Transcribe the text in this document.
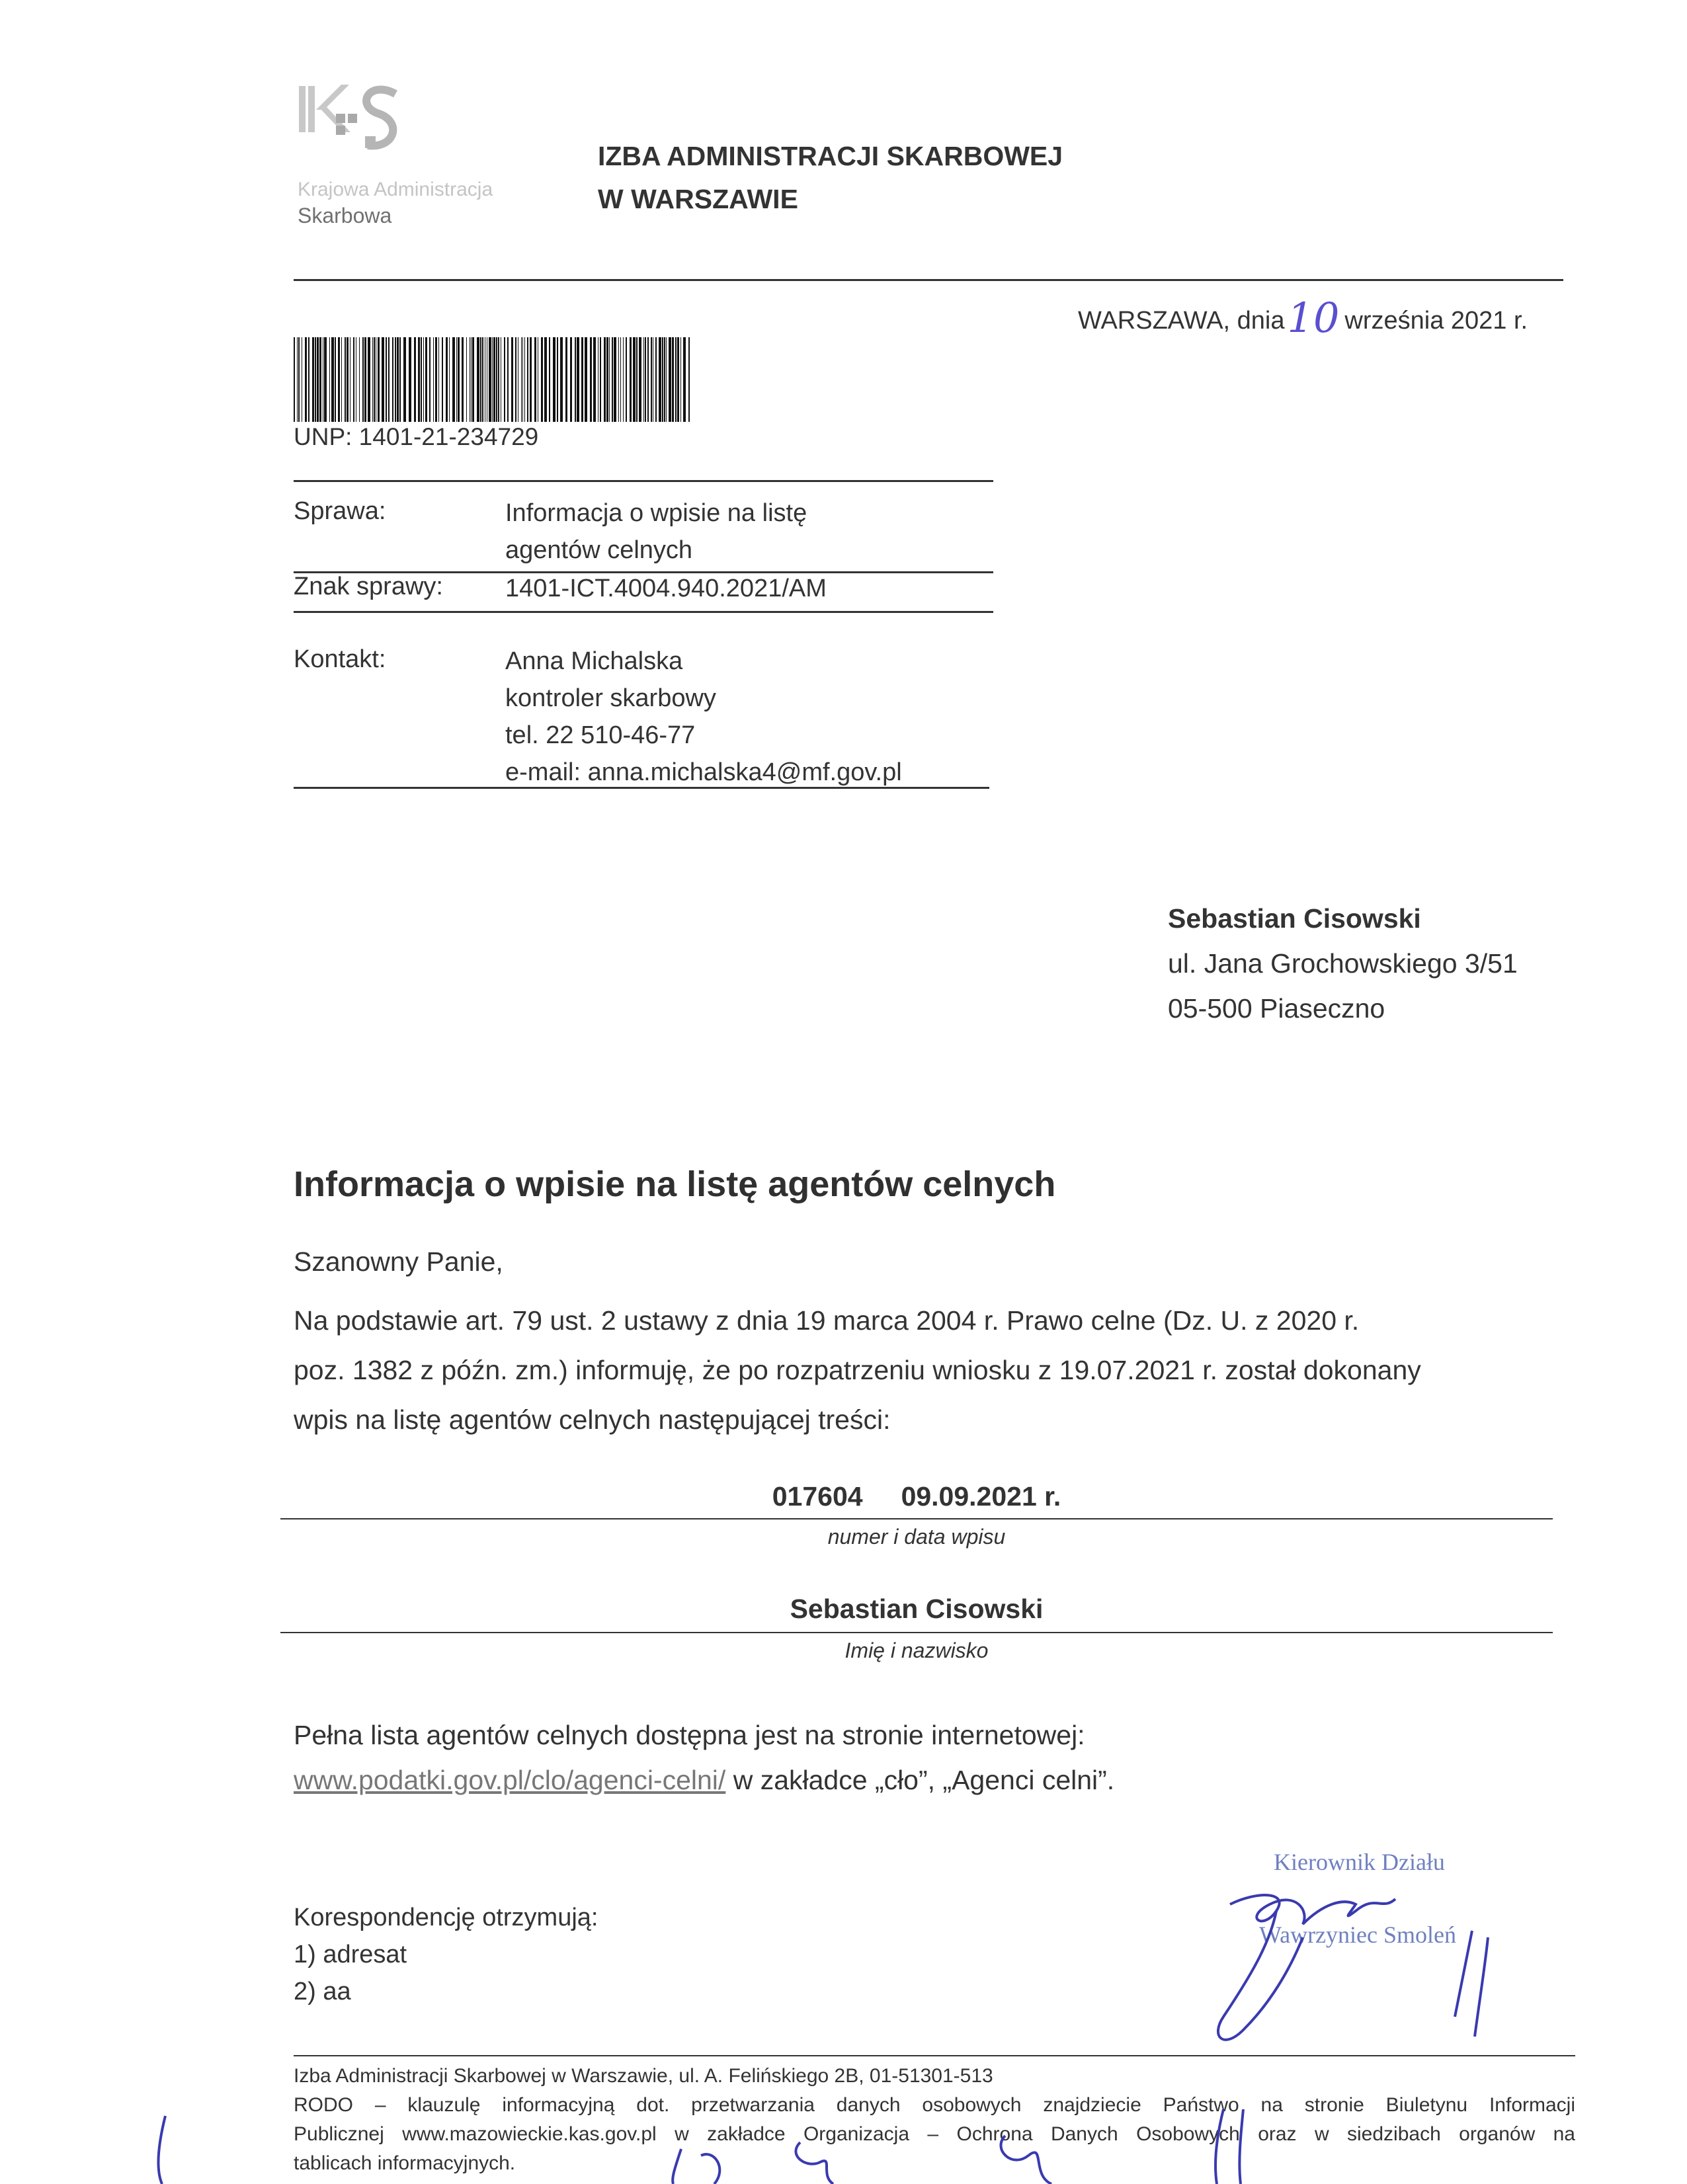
Krajowa Administracja
Skarbowa
IZBA ADMINISTRACJI SKARBOWEJ
W WARSZAWIE
WARSZAWA, dnia 10 września 2021 r.
UNP: 1401-21-234729
Sprawa:	Informacja o wpisie na listę
agentów celnych
Znak sprawy: 1401-ICT.4004.940.2021/AM
Kontakt:	Anna Michalska
kontroler skarbowy
tel. 22 510-46-77
e-mail: anna.michalska4@mf.gov.pl
Sebastian Cisowski
ul. Jana Grochowskiego 3/51
05-500 Piaseczno
Informacja o wpisie na listę agentów celnych
Szanowny Panie,
Na podstawie art. 79 ust. 2 ustawy z dnia 19 marca 2004 r. Prawo celne (Dz. U. z 2020 r.
poz. 1382 z późn. zm.) informuję, że po rozpatrzeniu wniosku z 19.07.2021 r. został dokonany
wpis na listę agentów celnych następującej treści:
017604 09.09.2021 r.
numer i data wpisu
Sebastian Cisowski
Imię i nazwisko
Pełna lista agentów celnych dostępna jest na stronie internetowej:
www.podatki.gov.pl/clo/agenci-celni/ w zakładce „cło”, „Agenci celni”.
Kierownik Działu
Wawrzyniec Smoleń
Korespondencję otrzymują:
1) adresat
2) aa
Izba Administracji Skarbowej w Warszawie, ul. A. Felińskiego 2B, 01-51301-513
RODO – klauzulę informacyjną dot. przetwarzania danych osobowych znajdziecie Państwo na stronie Biuletynu Informacji
Publicznej www.mazowieckie.kas.gov.pl w zakładce Organizacja – Ochrona Danych Osobowych oraz w siedzibach organów na
tablicach informacyjnych.
